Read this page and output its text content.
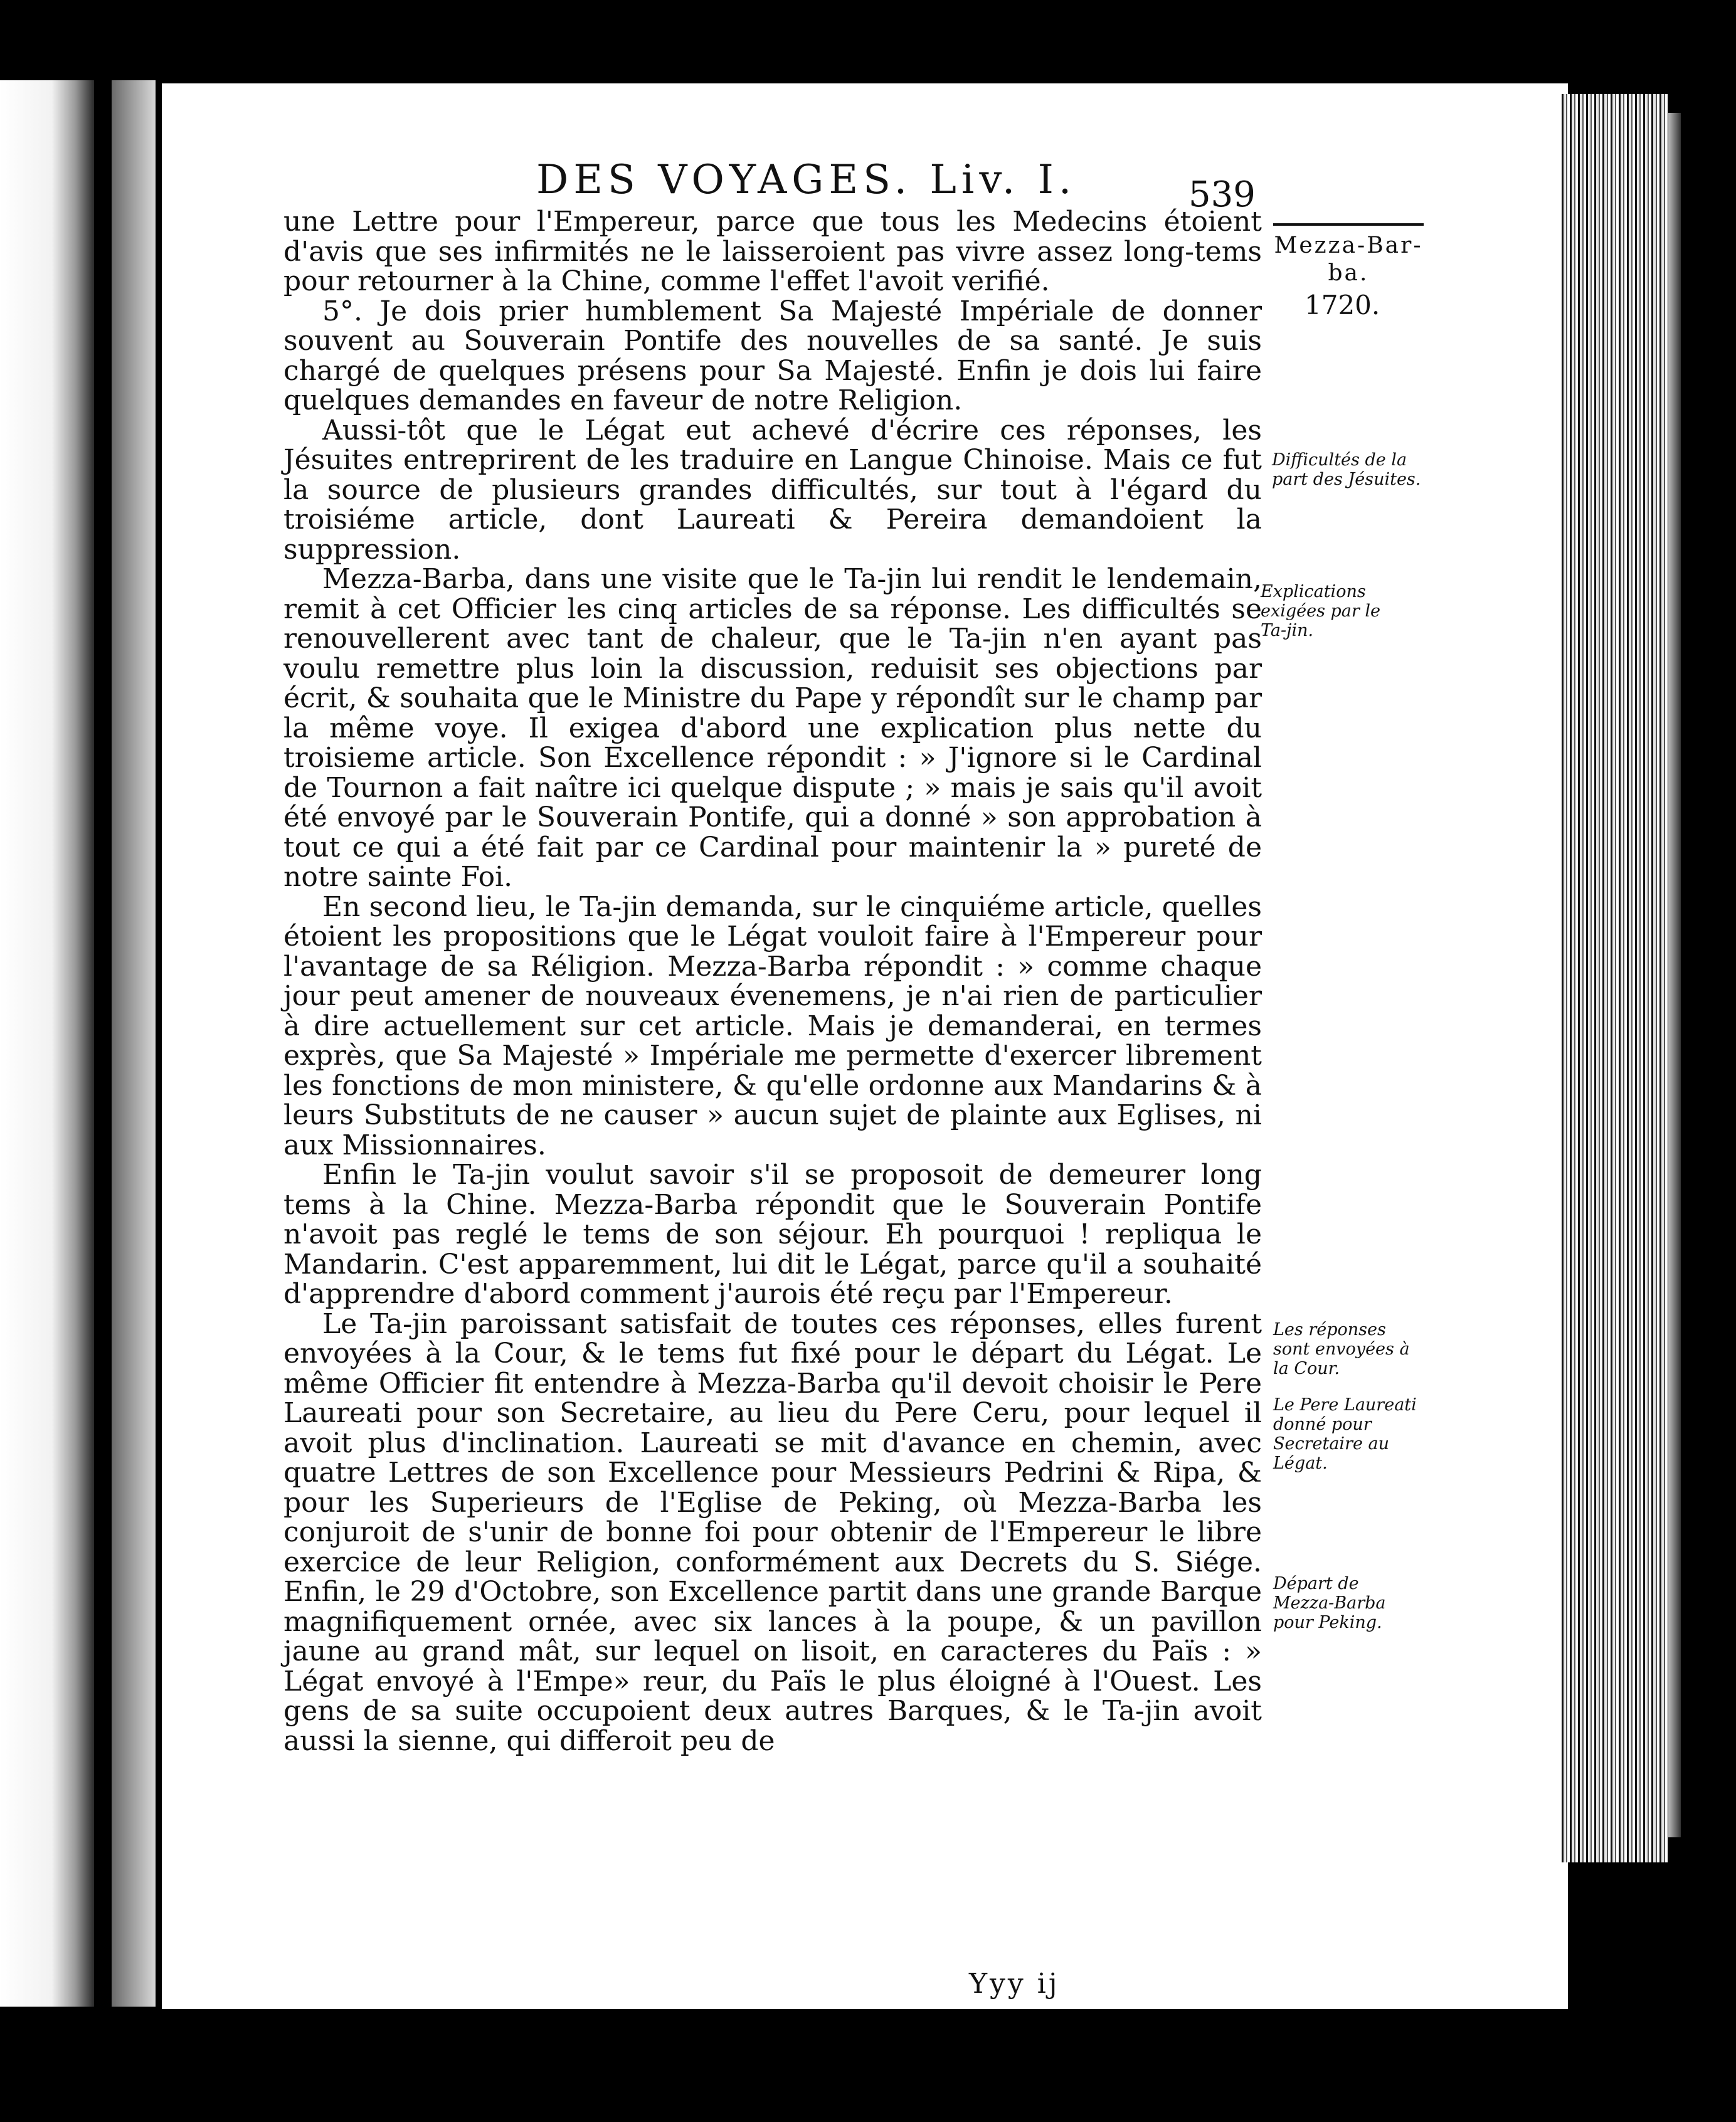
DES VOYAGES. Liv. I.	539
Mezza-Bar-
ba.
1720.
Difficultés de la part des Jésuites.
Explications exigées par le Ta-jin.
Les réponses sont envoyées à la Cour.
Le Pere Laureati donné pour Secretaire au Légat.
Départ de Mezza-Barba pour Peking.

une Lettre pour l'Empereur, parce que tous les Medecins étoient d'avis que ses infirmités ne le laisseroient pas vivre assez long-tems pour retourner à la Chine, comme l'effet l'avoit verifié.

5°. Je dois prier humblement Sa Majesté Impériale de donner souvent au Souverain Pontife des nouvelles de sa santé. Je suis chargé de quelques présens pour Sa Majesté. Enfin je dois lui faire quelques demandes en faveur de notre Religion.

Aussi-tôt que le Légat eut achevé d'écrire ces réponses, les Jésuites entreprirent de les traduire en Langue Chinoise. Mais ce fut la source de plusieurs grandes difficultés, sur tout à l'égard du troisiéme article, dont Laureati & Pereira demandoient la suppression.

Mezza-Barba, dans une visite que le Ta-jin lui rendit le lendemain, remit à cet Officier les cinq articles de sa réponse. Les difficultés se renouvellerent avec tant de chaleur, que le Ta-jin n'en ayant pas voulu remettre plus loin la discussion, reduisit ses objections par écrit, & souhaita que le Ministre du Pape y répondît sur le champ par la même voye. Il exigea d'abord une explication plus nette du troisieme article. Son Excellence répondit : » J'ignore si le Cardinal de Tournon a fait naître ici quelque dispute ; » mais je sais qu'il avoit été envoyé par le Souverain Pontife, qui a donné » son approbation à tout ce qui a été fait par ce Cardinal pour maintenir la » pureté de notre sainte Foi.

En second lieu, le Ta-jin demanda, sur le cinquiéme article, quelles étoient les propositions que le Légat vouloit faire à l'Empereur pour l'avantage de sa Réligion. Mezza-Barba répondit : » comme chaque jour peut amener de nouveaux évenemens, je n'ai rien de particulier à dire actuellement sur cet article. Mais je demanderai, en termes exprès, que Sa Majesté » Impériale me permette d'exercer librement les fonctions de mon ministere, & qu'elle ordonne aux Mandarins & à leurs Substituts de ne causer » aucun sujet de plainte aux Eglises, ni aux Missionnaires.

Enfin le Ta-jin voulut savoir s'il se proposoit de demeurer long tems à la Chine. Mezza-Barba répondit que le Souverain Pontife n'avoit pas reglé le tems de son séjour. Eh pourquoi ! repliqua le Mandarin. C'est apparemment, lui dit le Légat, parce qu'il a souhaité d'apprendre d'abord comment j'aurois été reçu par l'Empereur.

Le Ta-jin paroissant satisfait de toutes ces réponses, elles furent envoyées à la Cour, & le tems fut fixé pour le départ du Légat. Le même Officier fit entendre à Mezza-Barba qu'il devoit choisir le Pere Laureati pour son Secretaire, au lieu du Pere Ceru, pour lequel il avoit plus d'inclination. Laureati se mit d'avance en chemin, avec quatre Lettres de son Excellence pour Messieurs Pedrini & Ripa, & pour les Superieurs de l'Eglise de Peking, où Mezza-Barba les conjuroit de s'unir de bonne foi pour obtenir de l'Empereur le libre exercice de leur Religion, conformément aux Decrets du S. Siége. Enfin, le 29 d'Octobre, son Excellence partit dans une grande Barque magnifiquement ornée, avec six lances à la poupe, & un pavillon jaune au grand mât, sur lequel on lisoit, en caracteres du Païs : » Légat envoyé à l'Empe» reur, du Païs le plus éloigné à l'Ouest. Les gens de sa suite occupoient deux autres Barques, & le Ta-jin avoit aussi la sienne, qui differoit peu de

Yyy ij
